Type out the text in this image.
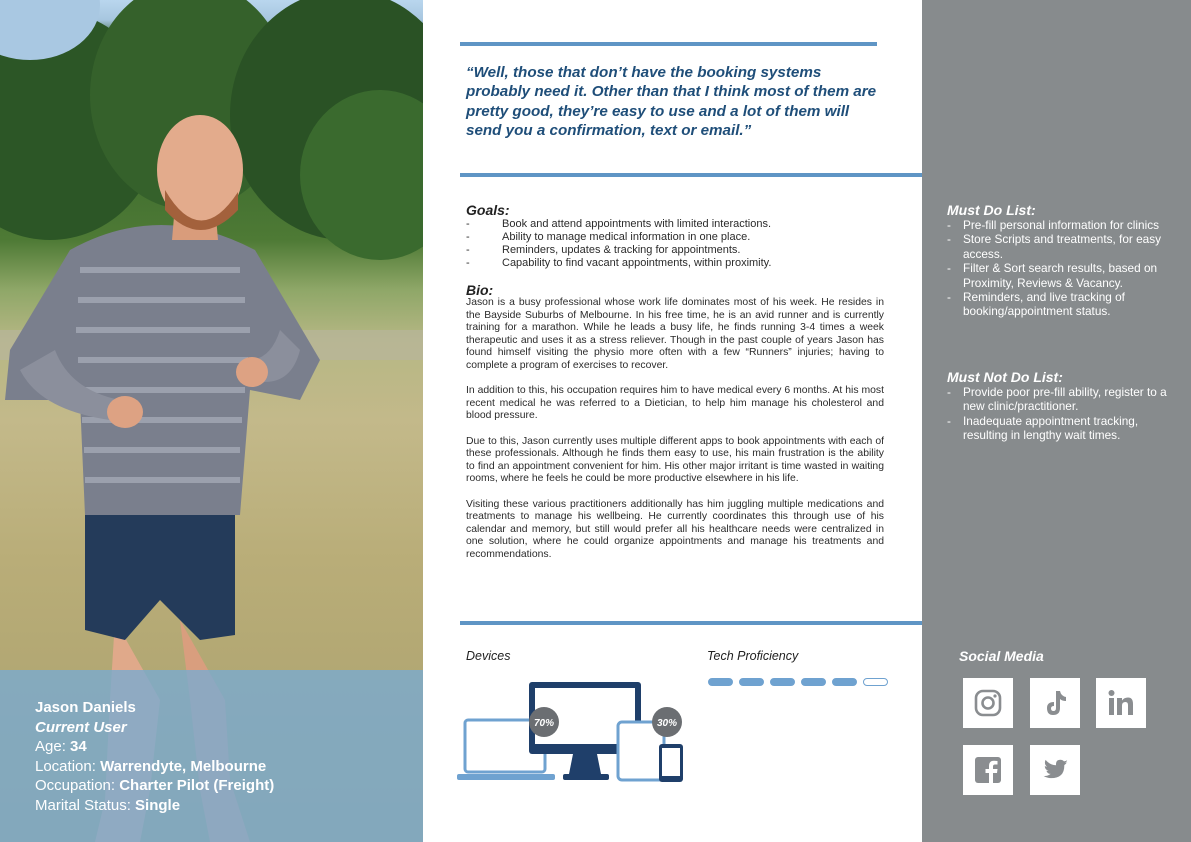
Jason Daniels
Current User
Age: 34
Location: Warrendyte, Melbourne
Occupation: Charter Pilot (Freight)
Marital Status: Single
“Well, those that don’t have the booking systems probably need it. Other than that I think most of them are pretty good, they’re easy to use and a lot of them will send you a confirmation, text or email.”
Goals:
- Book and attend appointments with limited interactions.
- Ability to manage medical information in one place.
- Reminders, updates & tracking for appointments.
- Capability to find vacant appointments, within proximity.
Bio:

Jason is a busy professional whose work life dominates most of his week. He resides in the Bayside Suburbs of Melbourne. In his free time, he is an avid runner and is currently training for a marathon. While he leads a busy life, he finds running 3-4 times a week therapeutic and uses it as a stress reliever. Though in the past couple of years Jason has found himself visiting the physio more often with a few “Runners” injuries; having to complete a program of exercises to recover.

In addition to this, his occupation requires him to have medical every 6 months. At his most recent medical he was referred to a Dietician, to help him manage his cholesterol and blood pressure.

Due to this, Jason currently uses multiple different apps to book appointments with each of these professionals. Although he finds them easy to use, his main frustration is the ability to find an appointment convenient for him. His other major irritant is time wasted in waiting rooms, where he feels he could be more productive elsewhere in his life.

Visiting these various practitioners additionally has him juggling multiple medications and treatments to manage his wellbeing. He currently coordinates this through use of his calendar and memory, but still would prefer all his healthcare needs were centralized in one solution, where he could organize appointments and manage his treatments and recommendations.

Devices
70%	30%
Tech Proficiency
Must Do List:
- Pre-fill personal information for clinics
- Store Scripts and treatments, for easy access.
- Filter & Sort search results, based on Proximity, Reviews & Vacancy.
- Reminders, and live tracking of booking/appointment status.
Must Not Do List:
- Provide poor pre-fill ability, register to a new clinic/practitioner.
- Inadequate appointment tracking, resulting in lengthy wait times.
Social Media
